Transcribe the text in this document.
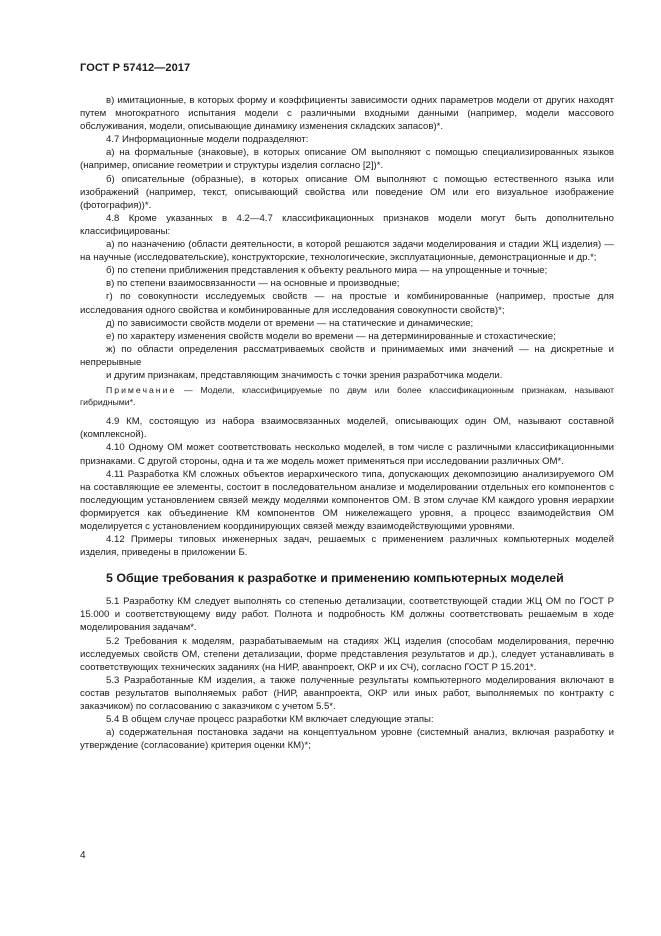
ГОСТ Р 57412—2017

в) имитационные, в которых форму и коэффициенты зависимости одних параметров модели от других находят путем многократного испытания модели с различными входными данными (например, модели массового обслуживания, модели, описывающие динамику изменения складских запасов)*.

4.7 Информационные модели подразделяют:

а) на формальные (знаковые), в которых описание ОМ выполняют с помощью специализированных языков (например, описание геометрии и структуры изделия согласно [2])*.

б) описательные (образные), в которых описание ОМ выполняют с помощью естественного языка или изображений (например, текст, описывающий свойства или поведение ОМ или его визуальное изображение (фотография))*.

4.8 Кроме указанных в 4.2—4.7 классификационных признаков модели могут быть дополнительно классифицированы:

а) по назначению (области деятельности, в которой решаются задачи моделирования и стадии ЖЦ изделия) — на научные (исследовательские), конструкторские, технологические, эксплуатационные, демонстрационные и др.*;

б) по степени приближения представления к объекту реального мира — на упрощенные и точные;

в) по степени взаимосвязанности — на основные и производные;

г) по совокупности исследуемых свойств — на простые и комбинированные (например, простые для исследования одного свойства и комбинированные для исследования совокупности свойств)*;

д) по зависимости свойств модели от времени — на статические и динамические;

е) по характеру изменения свойств модели во времени — на детерминированные и стохастические;

ж) по области определения рассматриваемых свойств и принимаемых ими значений — на дискретные и непрерывные

и другим признакам, представляющим значимость с точки зрения разработчика модели.

Примечание — Модели, классифицируемые по двум или более классификационным признакам, называют гибридными*.

4.9 КМ, состоящую из набора взаимосвязанных моделей, описывающих один ОМ, называют составной (комплексной).

4.10 Одному ОМ может соответствовать несколько моделей, в том числе с различными классификационными признаками. С другой стороны, одна и та же модель может применяться при исследовании различных ОМ*.

4.11 Разработка КМ сложных объектов иерархического типа, допускающих декомпозицию анализируемого ОМ на составляющие ее элементы, состоит в последовательном анализе и моделировании отдельных его компонентов с последующим установлением связей между моделями компонентов ОМ. В этом случае КМ каждого уровня иерархии формируется как объединение КМ компонентов ОМ нижележащего уровня, а процесс взаимодействия ОМ моделируется с установлением координирующих связей между взаимодействующими уровнями.

4.12 Примеры типовых инженерных задач, решаемых с применением различных компьютерных моделей изделия, приведены в приложении Б.

5 Общие требования к разработке и применению компьютерных моделей

5.1 Разработку КМ следует выполнять со степенью детализации, соответствующей стадии ЖЦ ОМ по ГОСТ Р 15.000 и соответствующему виду работ. Полнота и подробность КМ должны соответствовать решаемым в ходе моделирования задачам*.

5.2 Требования к моделям, разрабатываемым на стадиях ЖЦ изделия (способам моделирования, перечню исследуемых свойств ОМ, степени детализации, форме представления результатов и др.), следует устанавливать в соответствующих технических заданиях (на НИР, аванпроект, ОКР и их СЧ), согласно ГОСТ Р 15.201*.

5.3 Разработанные КМ изделия, а также полученные результаты компьютерного моделирования включают в состав результатов выполняемых работ (НИР, аванпроекта, ОКР или иных работ, выполняемых по контракту с заказчиком) по согласованию с заказчиком с учетом 5.5*.

5.4 В общем случае процесс разработки КМ включает следующие этапы:

а) содержательная постановка задачи на концептуальном уровне (системный анализ, включая разработку и утверждение (согласование) критерия оценки КМ)*;

4
